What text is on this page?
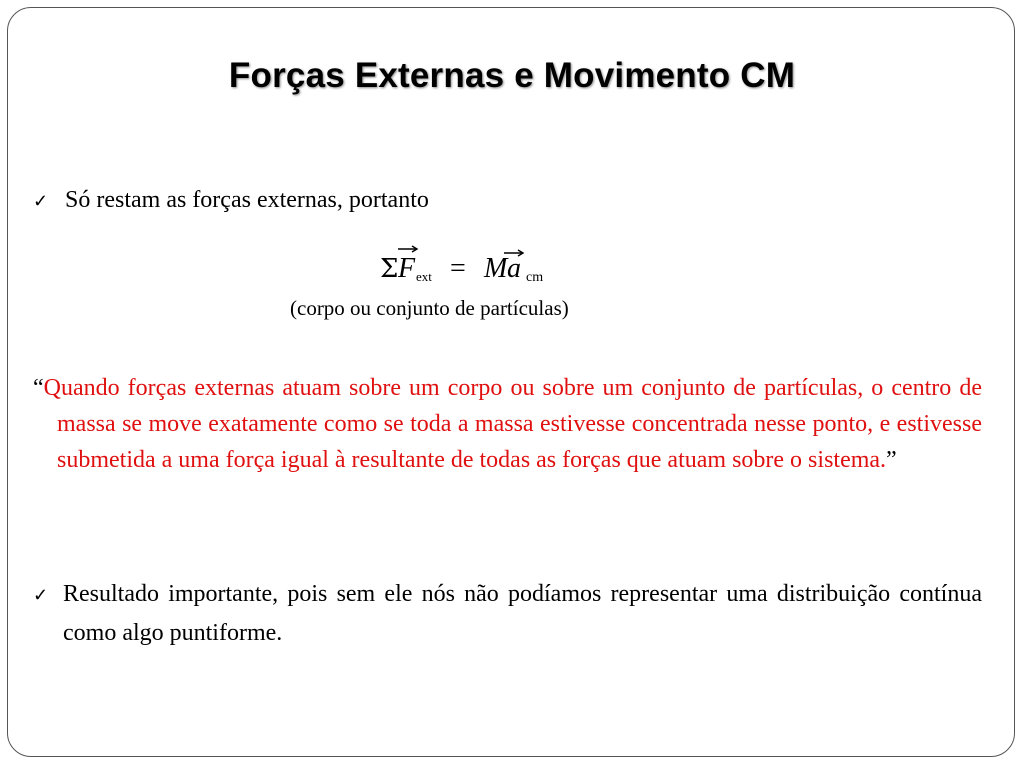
Forças Externas e Movimento CM
✓ Só restam as forças externas, portanto
Σ F ext = M a cm
(corpo ou conjunto de partículas)
“Quando forças externas atuam sobre um corpo ou sobre um conjunto de partículas, o centro de massa se move exatamente como se toda a massa estivesse concentrada nesse ponto, e estivesse submetida a uma força igual à resultante de todas as forças que atuam sobre o sistema.”
✓ Resultado importante, pois sem ele nós não podíamos representar uma distribuição contínua como algo puntiforme.
